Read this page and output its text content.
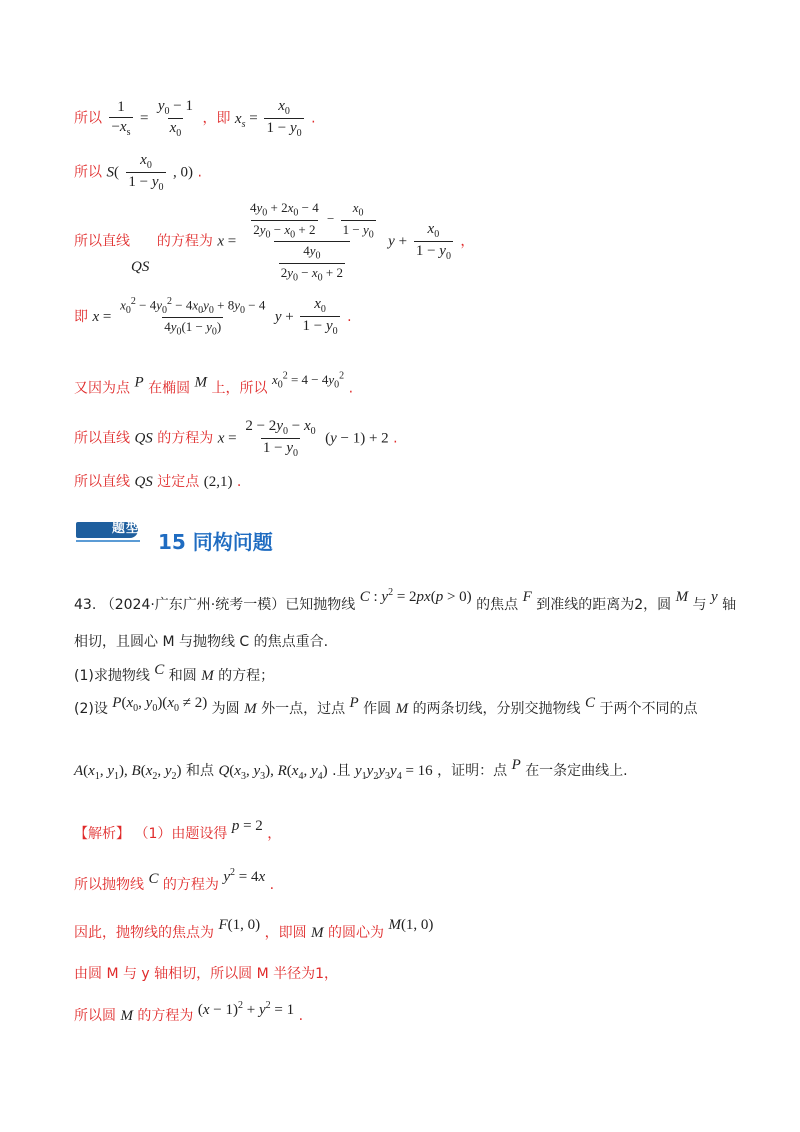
所以 $\frac{1}{-x_s} = \frac{y_0 - 1}{x_0}$ ，即 $x_s = \frac{x_0}{1 - y_0}$ .
所以 $S( \frac{x_0}{1 - y_0}$ , 0) .
所以直线 的方程为 $x = \frac{\frac{4y_0 + 2x_0 - 4}{2y_0 - x_0 + 2} - \frac{x_0}{1 - y_0}}{\frac{4y_0}{2y_0 - x_0 + 2}}$ $y + \frac{x_0}{1 - y_0}$ ，
QS
即 $x = \frac{x_0^2 - 4y_0^2 - 4x_0y_0 + 8y_0 - 4}{4y_0(1 - y_0)}$ $y + \frac{x_0}{1 - y_0}$ .
又因为点 P 在椭圆 M 上，所以 $x_0^2 = 4 - 4y_0^2$ .
所以直线 QS 的方程为 $x = \frac{2 - 2y_0 - x_0}{1 - y_0} (y - 1) + 2$ .
所以直线 QS 过定点 (2,1) .
题型
15 同构问题
43. （2024·广东广州·统考一模）已知抛物线 C : $y^2 = 2px(p > 0)$ 的焦点 F 到准线的距离为2，圆 M 与 y 轴
相切，且圆心 M 与抛物线 C 的焦点重合.
(1)求抛物线 C 和圆 M 的方程；
(2)设 $P(x_0$, $y_0)(x_0 \ne 2)$ 为圆 M 外一点，过点 P 作圆 M 的两条切线，分别交抛物线 C 于两个不同的点
$A(x_1$, $y_1$), $B(x_2$, $y_2$) 和点 $Q(x_3$, $y_3$), $R(x_4$, $y_4$) .且 $y_1y_2y_3y_4 = 16$ ，证明：点 P 在一条定曲线上.
【解析】 （1）由题设得 p = 2 ，
所以抛物线 C 的方程为 $y^2 = 4x$ .
因此，抛物线的焦点为 F(1, 0) ，即圆 M 的圆心为 M(1, 0)
由圆 M 与 y 轴相切，所以圆 M 半径为1，
所以圆 M 的方程为 $(x - 1)^2 + y^2 = 1$ .
